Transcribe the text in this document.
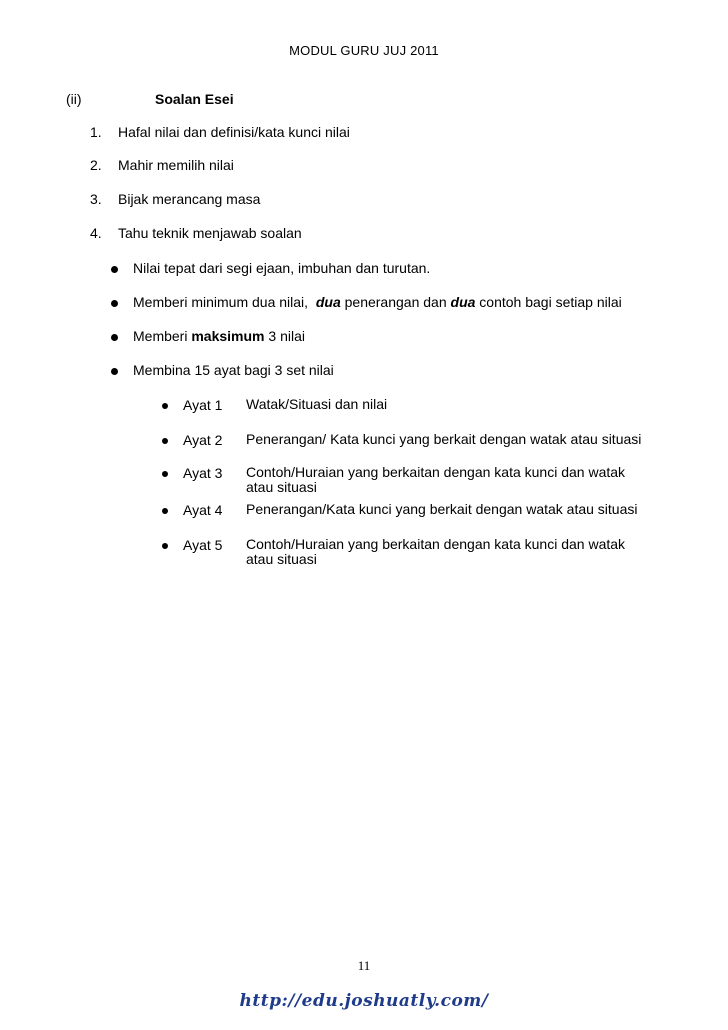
MODUL GURU JUJ 2011
(ii)	Soalan Esei
1. Hafal nilai dan definisi/kata kunci nilai
2. Mahir memilih nilai
3. Bijak merancang masa
4. Tahu teknik menjawab soalan
Nilai tepat dari segi ejaan, imbuhan dan turutan.
Memberi minimum dua nilai, dua penerangan dan dua contoh bagi setiap nilai
Memberi maksimum 3 nilai
Membina 15 ayat bagi 3 set nilai
Ayat 1 Watak/Situasi dan nilai
Ayat 2 Penerangan/ Kata kunci yang berkait dengan watak atau situasi
Ayat 3 Contoh/Huraian yang berkaitan dengan kata kunci dan watak atau situasi
Ayat 4 Penerangan/Kata kunci yang berkait dengan watak atau situasi
Ayat 5 Contoh/Huraian yang berkaitan dengan kata kunci dan watak atau situasi
11
http://edu.joshuatly.com/
